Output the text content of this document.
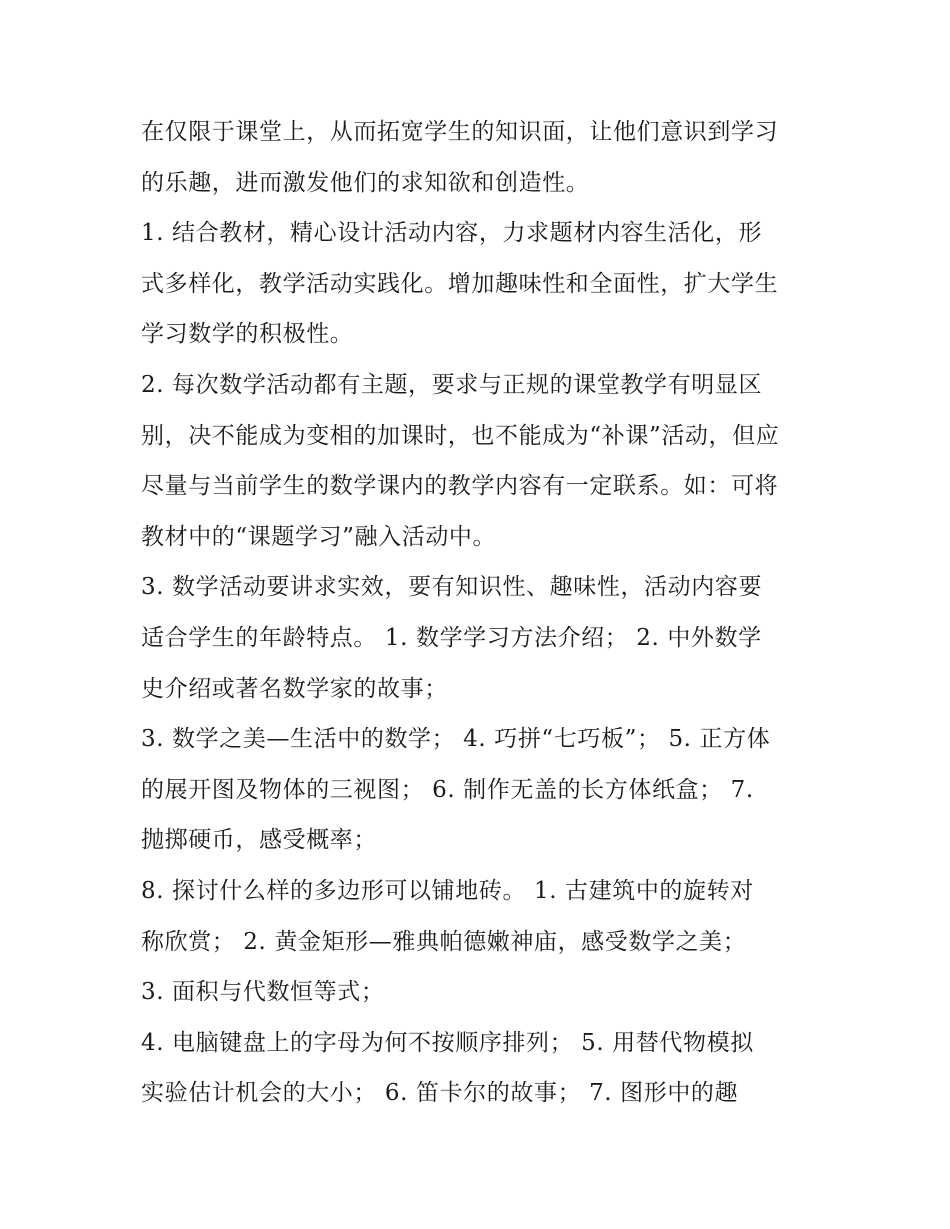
在仅限于课堂上，从而拓宽学生的知识面，让他们意识到学习
的乐趣，进而激发他们的求知欲和创造性。
1. 结合教材，精心设计活动内容，力求题材内容生活化，形
式多样化，教学活动实践化。增加趣味性和全面性，扩大学生
学习数学的积极性。
2. 每次数学活动都有主题，要求与正规的课堂教学有明显区
别，决不能成为变相的加课时，也不能成为“补课”活动，但应
尽量与当前学生的数学课内的教学内容有一定联系。如：可将
教材中的“课题学习”融入活动中。
3. 数学活动要讲求实效，要有知识性、趣味性，活动内容要
适合学生的年龄特点。 1. 数学学习方法介绍； 2. 中外数学
史介绍或著名数学家的故事；
3. 数学之美—生活中的数学； 4. 巧拼“七巧板”； 5. 正方体
的展开图及物体的三视图； 6. 制作无盖的长方体纸盒； 7.
抛掷硬币，感受概率；
8. 探讨什么样的多边形可以铺地砖。 1. 古建筑中的旋转对
称欣赏； 2. 黄金矩形—雅典帕德嫩神庙，感受数学之美；
3. 面积与代数恒等式；
4. 电脑键盘上的字母为何不按顺序排列； 5. 用替代物模拟
实验估计机会的大小； 6. 笛卡尔的故事； 7. 图形中的趣
